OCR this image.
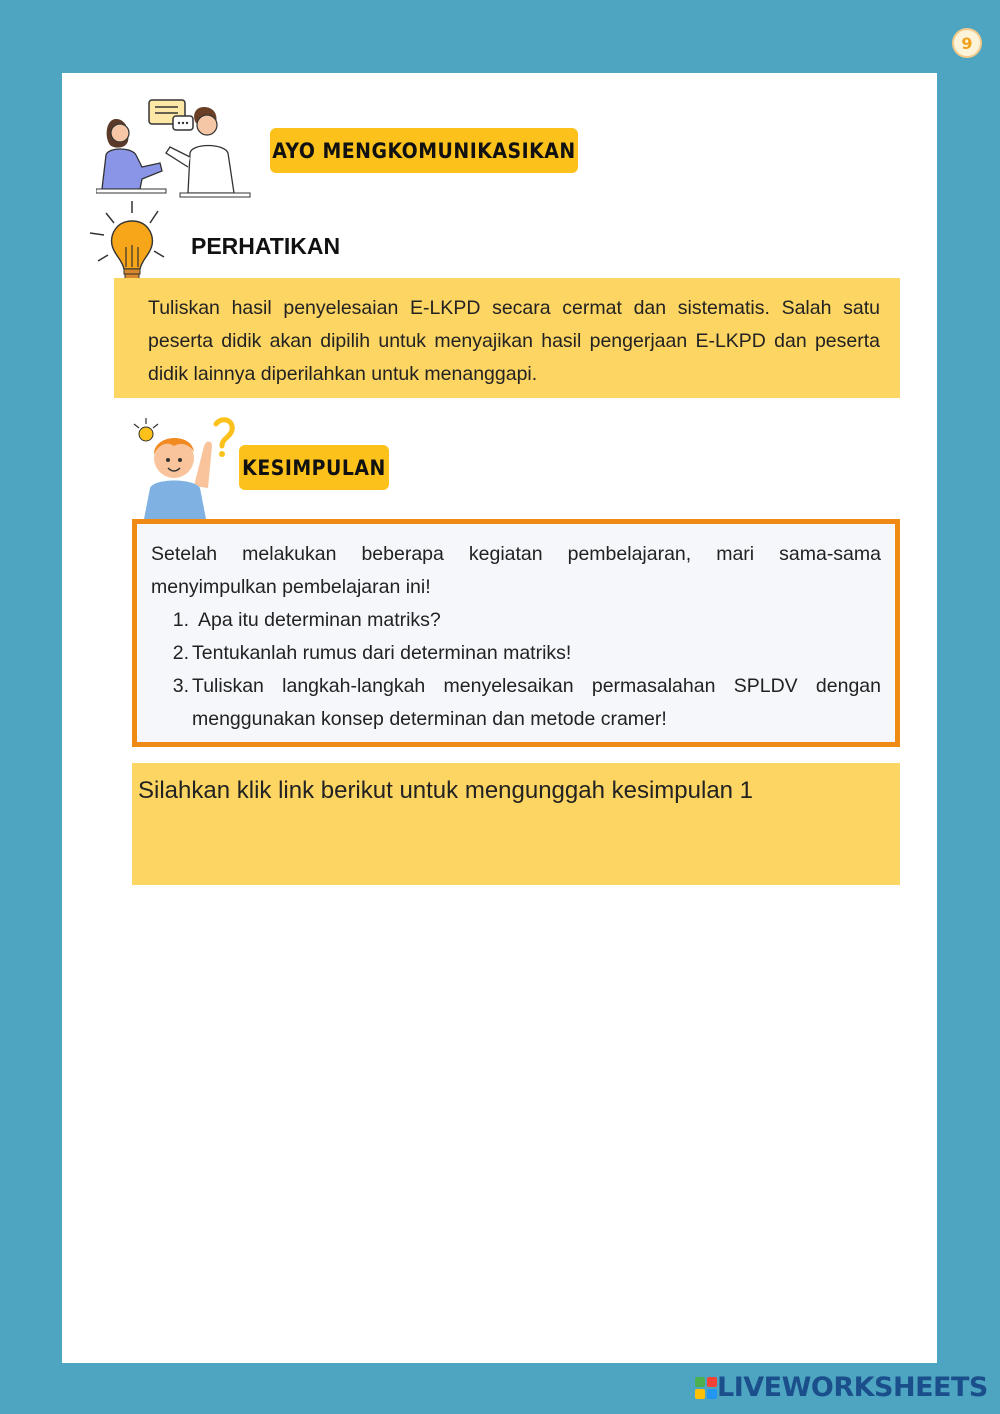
9
AYO MENGKOMUNIKASIKAN
PERHATIKAN
Tuliskan hasil penyelesaian E-LKPD secara cermat dan sistematis. Salah satu peserta didik akan dipilih untuk menyajikan hasil pengerjaan E-LKPD dan peserta didik lainnya diperilahkan untuk menanggapi.
KESIMPULAN

Setelah melakukan beberapa kegiatan pembelajaran, mari sama-sama menyimpulkan pembelajaran ini!

1. Apa itu determinan matriks?
2. Tentukanlah rumus dari determinan matriks!
3. Tuliskan langkah-langkah menyelesaikan permasalahan SPLDV dengan menggunakan konsep determinan dan metode cramer!
Silahkan klik link berikut untuk mengunggah kesimpulan 1
LIVEWORKSHEETS
